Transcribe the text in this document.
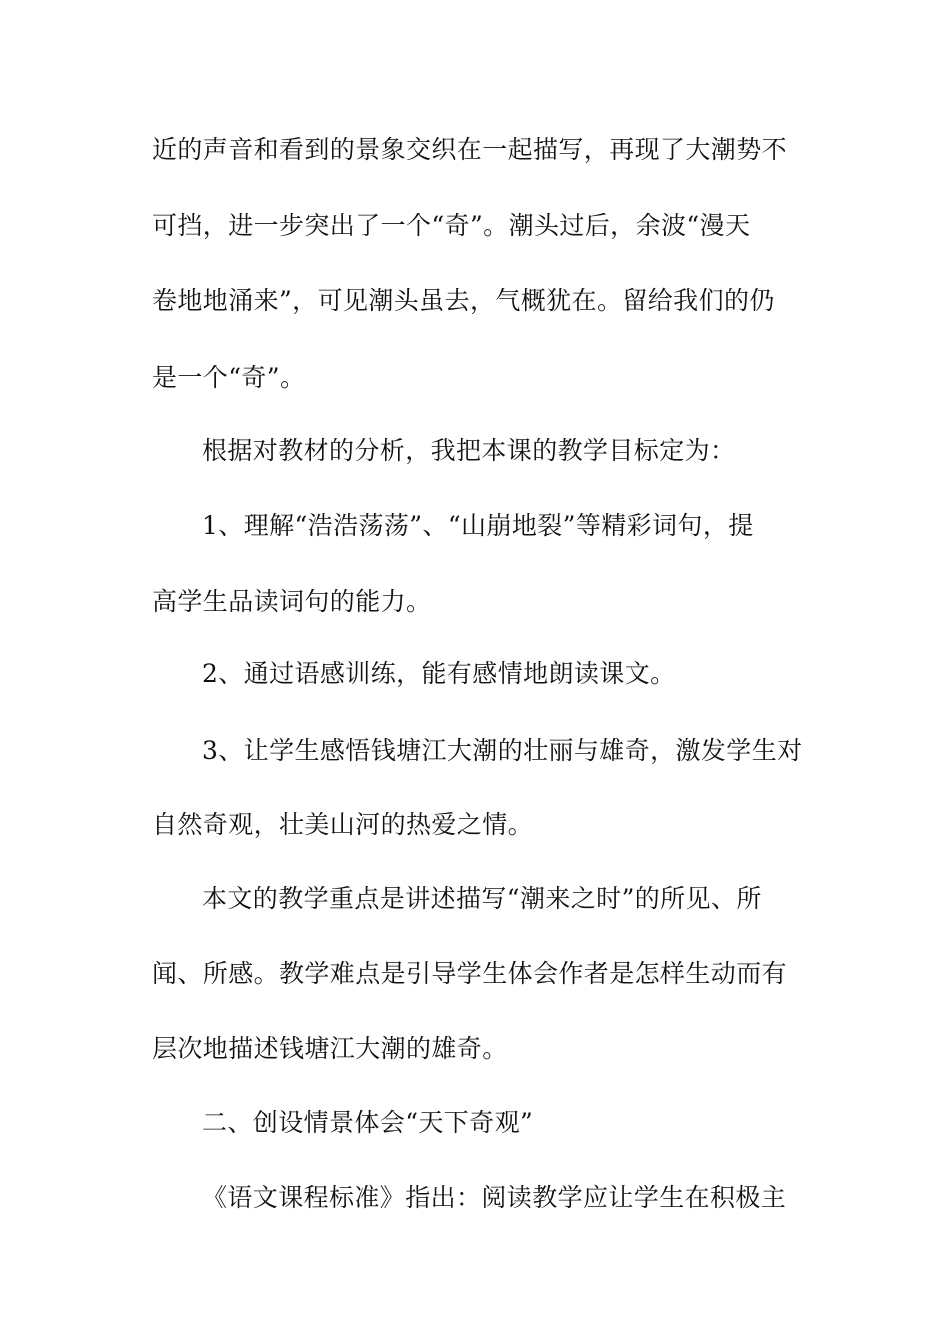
近的声音和看到的景象交织在一起描写，再现了大潮势不
可挡，进一步突出了一个“奇”。潮头过后，余波“漫天
卷地地涌来”，可见潮头虽去，气概犹在。留给我们的仍
是一个“奇”。
根据对教材的分析，我把本课的教学目标定为：
1、理解“浩浩荡荡”、“山崩地裂”等精彩词句，提
高学生品读词句的能力。
2、通过语感训练，能有感情地朗读课文。
3、让学生感悟钱塘江大潮的壮丽与雄奇，激发学生对
自然奇观，壮美山河的热爱之情。
本文的教学重点是讲述描写“潮来之时”的所见、所
闻、所感。教学难点是引导学生体会作者是怎样生动而有
层次地描述钱塘江大潮的雄奇。
二、创设情景体会“天下奇观”
《语文课程标准》指出：阅读教学应让学生在积极主
